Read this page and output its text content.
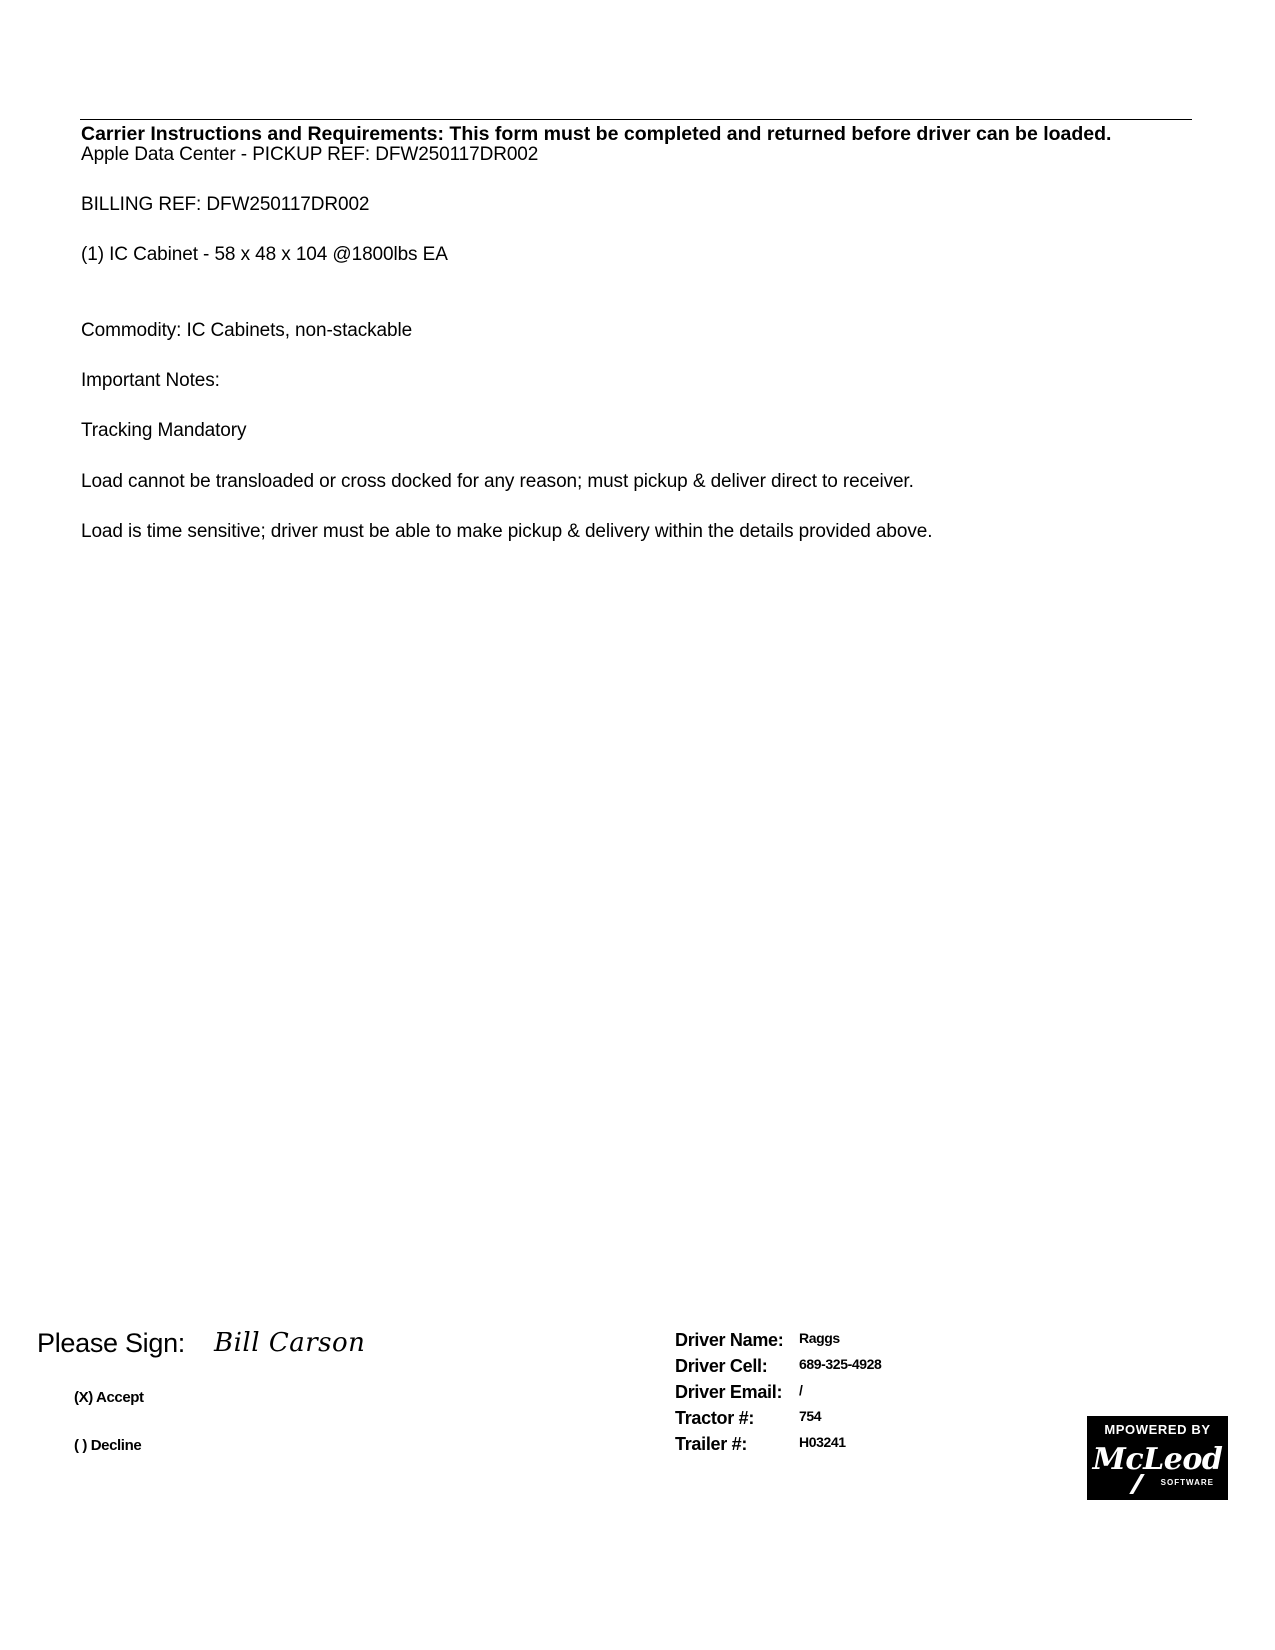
Carrier Instructions and Requirements: This form must be completed and returned before driver can be loaded.
Apple Data Center - PICKUP REF: DFW250117DR002
BILLING REF: DFW250117DR002
(1) IC Cabinet - 58 x 48 x 104 @1800lbs EA
Commodity: IC Cabinets, non-stackable
Important Notes:
Tracking Mandatory
Load cannot be transloaded or cross docked for any reason; must pickup & deliver direct to receiver.
Load is time sensitive; driver must be able to make pickup & delivery within the details provided above.
Please Sign: Bill Carson
(X) Accept
( ) Decline
Driver Name: Raggs
Driver Cell: 689-325-4928
Driver Email: /
Tractor #:	754
Trailer #:	H03241
MPOWERED BY
McLeod
SOFTWARE
